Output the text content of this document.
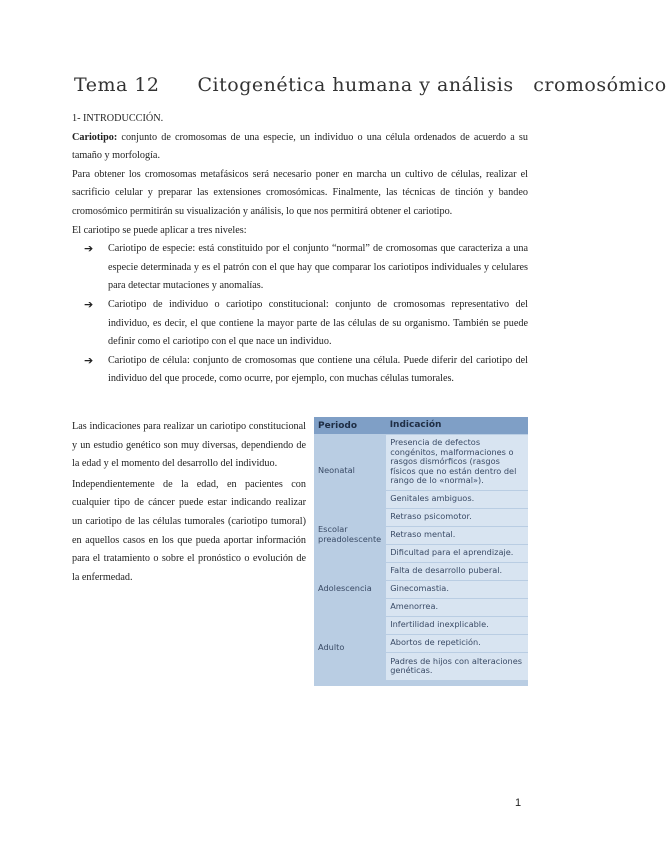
Tema 12 Citogenética humana y análisis   cromosómico

1- INTRODUCCIÓN.

Cariotipo: conjunto de cromosomas de una especie, un individuo o una célula ordenados de acuerdo a su tamaño y morfología.

Para obtener los cromosomas metafásicos será necesario poner en marcha un cultivo de células, realizar el sacrificio celular y preparar las extensiones cromosómicas. Finalmente, las técnicas de tinción y bandeo cromosómico permitirán su visualización y análisis, lo que nos permitirá obtener el cariotipo.

El cariotipo se puede aplicar a tres niveles:

➔ Cariotipo de especie: está constituido por el conjunto “normal” de cromosomas que caracteriza a una especie determinada y es el patrón con el que hay que comparar los cariotipos individuales y celulares para detectar mutaciones y anomalías.
➔ Cariotipo de individuo o cariotipo constitucional: conjunto de cromosomas representativo del individuo, es decir, el que contiene la mayor parte de las células de su organismo. También se puede definir como el cariotipo con el que nace un individuo.
➔ Cariotipo de célula: conjunto de cromosomas que contiene una célula. Puede diferir del cariotipo del individuo del que procede, como ocurre, por ejemplo, con muchas células tumorales.

Las indicaciones para realizar un cariotipo constitucional y un estudio genético son muy diversas, dependiendo de la edad y el momento del desarrollo del individuo.

Independientemente de la edad, en pacientes con cualquier tipo de cáncer puede estar indicando realizar un cariotipo de las células tumorales (cariotipo tumoral) en aquellos casos en los que pueda aportar información para el tratamiento o sobre el pronóstico o evolución de la enfermedad.

Periodo	Indicación
Neonatal	Presencia de defectos congénitos, malformaciones o rasgos dismórficos (rasgos físicos que no están dentro del rango de lo «normal»).
	Genitales ambiguos.
Escolar preadolescente	Retraso psicomotor.
	Retraso mental.
	Dificultad para el aprendizaje.
Adolescencia	Falta de desarrollo puberal.
	Ginecomastia.
	Amenorrea.
Adulto	Infertilidad inexplicable.
	Abortos de repetición.
	Padres de hijos con alteraciones genéticas.
1
